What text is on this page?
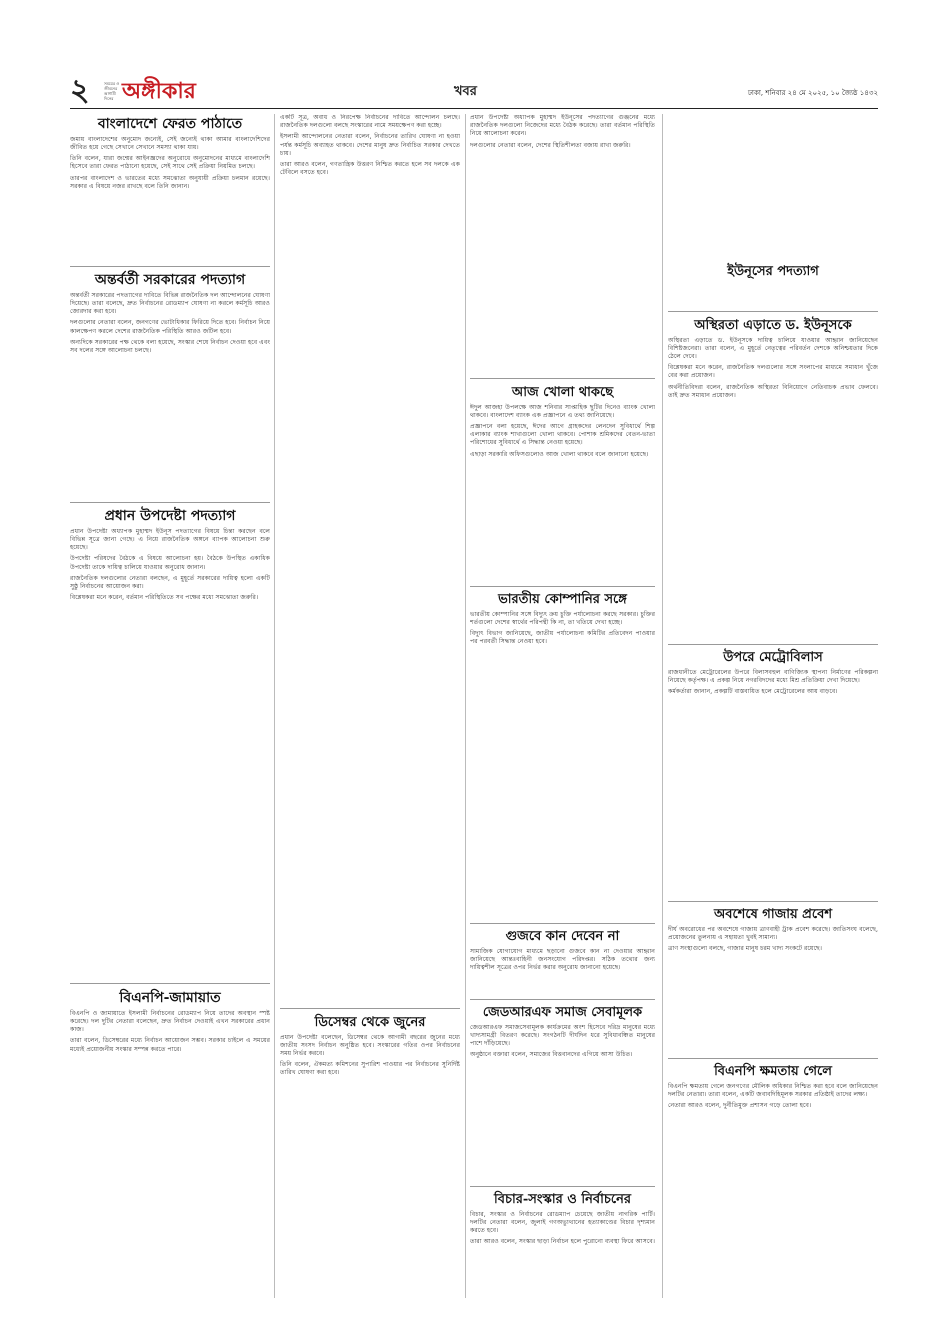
২	সময়ের ও জীবনের আগামী দিনের অঙ্গীকার	খবর	ঢাকা, শনিবার ২৪ মে ২০২৫, ১০ জ্যৈষ্ঠ ১৪৩২
বাংলাদেশে ফেরত পাঠাতে

জমায় বাংলাদেশের অনুমোদ জন্যেই, সেই জন্যেই থাকা আমার বাংলাদেশিদের জীবিত হয়ে গেছে সেখানে সেখানে সমস্যা থাকা যায়।

তিনি বলেন, যারা জন্মের আইনজ্ঞদের অনুরোধে অনুমোদনের মাধ্যমে বাংলাদেশি হিসেবে তারা ফেরত পাঠানো হয়েছে, সেই সাথে সেই প্রক্রিয়া নিয়মিত চলছে।

তারপর বাংলাদেশ ও ভারতের মধ্যে সমঝোতা অনুযায়ী প্রক্রিয়া চলমান রয়েছে। সরকার এ বিষয়ে নজর রাখছে বলে তিনি জানান।

অন্তর্বর্তী সরকারের পদত্যাগ

অন্তর্বর্তী সরকারের পদত্যাগের দাবিতে বিভিন্ন রাজনৈতিক দল আন্দোলনের ঘোষণা দিয়েছে। তারা বলেছে, দ্রুত নির্বাচনের রোডম্যাপ ঘোষণা না করলে কর্মসূচি আরও জোরদার করা হবে।

দলগুলোর নেতারা বলেন, জনগণের ভোটাধিকার ফিরিয়ে দিতে হবে। নির্বাচন নিয়ে কালক্ষেপণ করলে দেশের রাজনৈতিক পরিস্থিতি আরও জটিল হবে।

অন্যদিকে সরকারের পক্ষ থেকে বলা হয়েছে, সংস্কার শেষে নির্বাচন দেওয়া হবে এবং সব দলের সঙ্গে আলোচনা চলছে।

প্রধান উপদেষ্টা পদত্যাগ

প্রধান উপদেষ্টা অধ্যাপক মুহাম্মদ ইউনূস পদত্যাগের বিষয়ে চিন্তা করছেন বলে বিভিন্ন সূত্রে জানা গেছে। এ নিয়ে রাজনৈতিক অঙ্গনে ব্যাপক আলোচনা শুরু হয়েছে।

উপদেষ্টা পরিষদের বৈঠকে এ বিষয়ে আলোচনা হয়। বৈঠকে উপস্থিত একাধিক উপদেষ্টা তাকে দায়িত্ব চালিয়ে যাওয়ার অনুরোধ জানান।

রাজনৈতিক দলগুলোর নেতারা বলছেন, এ মুহূর্তে সরকারের দায়িত্ব হলো একটি সুষ্ঠু নির্বাচনের আয়োজন করা।

বিশ্লেষকরা মনে করেন, বর্তমান পরিস্থিতিতে সব পক্ষের মধ্যে সমঝোতা জরুরি।

বিএনপি-জামায়াত

বিএনপি ও জামায়াতে ইসলামী নির্বাচনের রোডম্যাপ নিয়ে তাদের অবস্থান স্পষ্ট করেছে। দল দুটির নেতারা বলেছেন, দ্রুত নির্বাচন দেওয়াই এখন সরকারের প্রধান কাজ।

তারা বলেন, ডিসেম্বরের মধ্যে নির্বাচন আয়োজন সম্ভব। সরকার চাইলে এ সময়ের মধ্যেই প্রয়োজনীয় সংস্কার সম্পন্ন করতে পারে।

একটি সূত্র, অবাধ ও নিরপেক্ষ নির্বাচনের দাবিতে আন্দোলন চলছে। রাজনৈতিক দলগুলো বলছে সংস্কারের নামে সময়ক্ষেপণ করা হচ্ছে।

ইসলামী আন্দোলনের নেতারা বলেন, নির্বাচনের তারিখ ঘোষণা না হওয়া পর্যন্ত কর্মসূচি অব্যাহত থাকবে। দেশের মানুষ দ্রুত নির্বাচিত সরকার দেখতে চায়।

তারা আরও বলেন, গণতান্ত্রিক উত্তরণ নিশ্চিত করতে হলে সব দলকে এক টেবিলে বসতে হবে।

ডিসেম্বর থেকে জুনের

প্রধান উপদেষ্টা বলেছেন, ডিসেম্বর থেকে আগামী বছরের জুনের মধ্যে জাতীয় সংসদ নির্বাচন অনুষ্ঠিত হবে। সংস্কারের গতির ওপর নির্বাচনের সময় নির্ভর করবে।

তিনি বলেন, ঐকমত্য কমিশনের সুপারিশ পাওয়ার পর নির্বাচনের সুনির্দিষ্ট তারিখ ঘোষণা করা হবে।

প্রধান উপদেষ্টা অধ্যাপক মুহাম্মদ ইউনূসের পদত্যাগের গুঞ্জনের মধ্যে রাজনৈতিক দলগুলো নিজেদের মধ্যে বৈঠক করেছে। তারা বর্তমান পরিস্থিতি নিয়ে আলোচনা করেন।

দলগুলোর নেতারা বলেন, দেশের স্থিতিশীলতা বজায় রাখা জরুরি।

আজ খোলা থাকছে

ঈদুল আজহা উপলক্ষে আজ শনিবার সাপ্তাহিক ছুটির দিনেও ব্যাংক খোলা থাকবে। বাংলাদেশ ব্যাংক এক প্রজ্ঞাপনে এ তথ্য জানিয়েছে।

প্রজ্ঞাপনে বলা হয়েছে, ঈদের আগে গ্রাহকদের লেনদেন সুবিধার্থে শিল্প এলাকার ব্যাংক শাখাগুলো খোলা থাকবে। পোশাক শ্রমিকদের বেতন-ভাতা পরিশোধের সুবিধার্থে এ সিদ্ধান্ত নেওয়া হয়েছে।

এছাড়া সরকারি অফিসগুলোও আজ খোলা থাকবে বলে জানানো হয়েছে।

ভারতীয় কোম্পানির সঙ্গে

ভারতীয় কোম্পানির সঙ্গে বিদ্যুৎ ক্রয় চুক্তি পর্যালোচনা করছে সরকার। চুক্তির শর্তগুলো দেশের স্বার্থের পরিপন্থী কি না, তা খতিয়ে দেখা হচ্ছে।

বিদ্যুৎ বিভাগ জানিয়েছে, জাতীয় পর্যালোচনা কমিটির প্রতিবেদন পাওয়ার পর পরবর্তী সিদ্ধান্ত নেওয়া হবে।

গুজবে কান দেবেন না

সামাজিক যোগাযোগ মাধ্যমে ছড়ানো গুজবে কান না দেওয়ার আহ্বান জানিয়েছে আন্তঃবাহিনী জনসংযোগ পরিদপ্তর। সঠিক তথ্যের জন্য দায়িত্বশীল সূত্রের ওপর নির্ভর করার অনুরোধ জানানো হয়েছে।

জেডআরএফ সমাজ সেবামূলক

জেডআরএফ সমাজসেবামূলক কার্যক্রমের অংশ হিসেবে দরিদ্র মানুষের মধ্যে খাদ্যসামগ্রী বিতরণ করেছে। সংগঠনটি দীর্ঘদিন ধরে সুবিধাবঞ্চিত মানুষের পাশে দাঁড়িয়েছে।

অনুষ্ঠানে বক্তারা বলেন, সমাজের বিত্তবানদের এগিয়ে আসা উচিত।

বিচার-সংস্কার ও নির্বাচনের

বিচার, সংস্কার ও নির্বাচনের রোডম্যাপ চেয়েছে জাতীয় নাগরিক পার্টি। দলটির নেতারা বলেন, জুলাই গণঅভ্যুত্থানের হত্যাকাণ্ডের বিচার দৃশ্যমান করতে হবে।

তারা আরও বলেন, সংস্কার ছাড়া নির্বাচন হলে পুরোনো ব্যবস্থা ফিরে আসবে।

ইউনূসের পদত্যাগ
অস্থিরতা এড়াতে ড. ইউনূসকে

অস্থিরতা এড়াতে ড. ইউনূসকে দায়িত্ব চালিয়ে যাওয়ার আহ্বান জানিয়েছেন বিশিষ্টজনেরা। তারা বলেন, এ মুহূর্তে নেতৃত্বের পরিবর্তন দেশকে অনিশ্চয়তার দিকে ঠেলে দেবে।

বিশ্লেষকরা মনে করেন, রাজনৈতিক দলগুলোর সঙ্গে সংলাপের মাধ্যমে সমাধান খুঁজে বের করা প্রয়োজন।

অর্থনীতিবিদরা বলেন, রাজনৈতিক অস্থিরতা বিনিয়োগে নেতিবাচক প্রভাব ফেলবে। তাই দ্রুত সমাধান প্রয়োজন।

উপরে মেট্রোবিলাস

রাজধানীতে মেট্রোরেলের উপরে বিলাসবহুল বাণিজ্যিক স্থাপনা নির্মাণের পরিকল্পনা নিয়েছে কর্তৃপক্ষ। এ প্রকল্প নিয়ে নগরবিদদের মধ্যে মিশ্র প্রতিক্রিয়া দেখা দিয়েছে।

কর্মকর্তারা জানান, প্রকল্পটি বাস্তবায়িত হলে মেট্রোরেলের আয় বাড়বে।

অবশেষে গাজায় প্রবেশ

দীর্ঘ অবরোধের পর অবশেষে গাজায় ত্রাণবাহী ট্রাক প্রবেশ করেছে। জাতিসংঘ বলেছে, প্রয়োজনের তুলনায় এ সহায়তা খুবই সামান্য।

ত্রাণ সংস্থাগুলো বলছে, গাজার মানুষ চরম খাদ্য সংকটে রয়েছে।

বিএনপি ক্ষমতায় গেলে

বিএনপি ক্ষমতায় গেলে জনগণের মৌলিক অধিকার নিশ্চিত করা হবে বলে জানিয়েছেন দলটির নেতারা। তারা বলেন, একটি জবাবদিহিমূলক সরকার প্রতিষ্ঠাই তাদের লক্ষ্য।

নেতারা আরও বলেন, দুর্নীতিমুক্ত প্রশাসন গড়ে তোলা হবে।
